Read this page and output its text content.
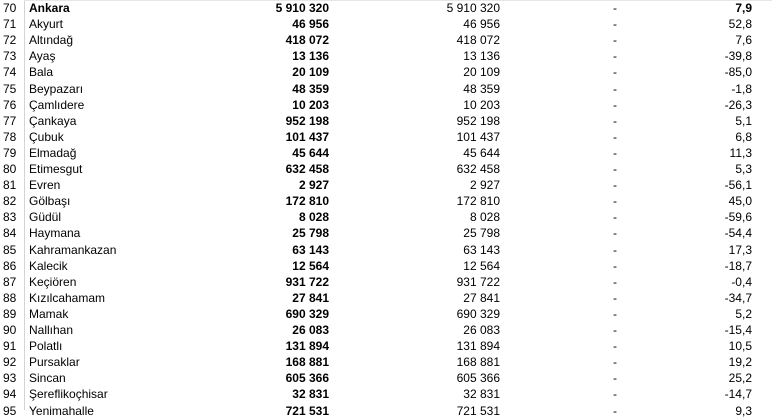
70	Ankara	5 910 320	5 910 320	-	7,9
71	Akyurt	46 956	46 956	-	52,8
72	Altındağ	418 072	418 072	-	7,6
73	Ayaş	13 136	13 136	-	-39,8
74	Bala	20 109	20 109	-	-85,0
75	Beypazarı	48 359	48 359	-	-1,8
76	Çamlıdere	10 203	10 203	-	-26,3
77	Çankaya	952 198	952 198	-	5,1
78	Çubuk	101 437	101 437	-	6,8
79	Elmadağ	45 644	45 644	-	11,3
80	Etimesgut	632 458	632 458	-	5,3
81	Evren	2 927	2 927	-	-56,1
82	Gölbaşı	172 810	172 810	-	45,0
83	Güdül	8 028	8 028	-	-59,6
84	Haymana	25 798	25 798	-	-54,4
85	Kahramankazan	63 143	63 143	-	17,3
86	Kalecik	12 564	12 564	-	-18,7
87	Keçiören	931 722	931 722	-	-0,4
88	Kızılcahamam	27 841	27 841	-	-34,7
89	Mamak	690 329	690 329	-	5,2
90	Nallıhan	26 083	26 083	-	-15,4
91	Polatlı	131 894	131 894	-	10,5
92	Pursaklar	168 881	168 881	-	19,2
93	Sincan	605 366	605 366	-	25,2
94	Şereflikoçhisar	32 831	32 831	-	-14,7
95	Yenimahalle	721 531	721 531	-	9,3
